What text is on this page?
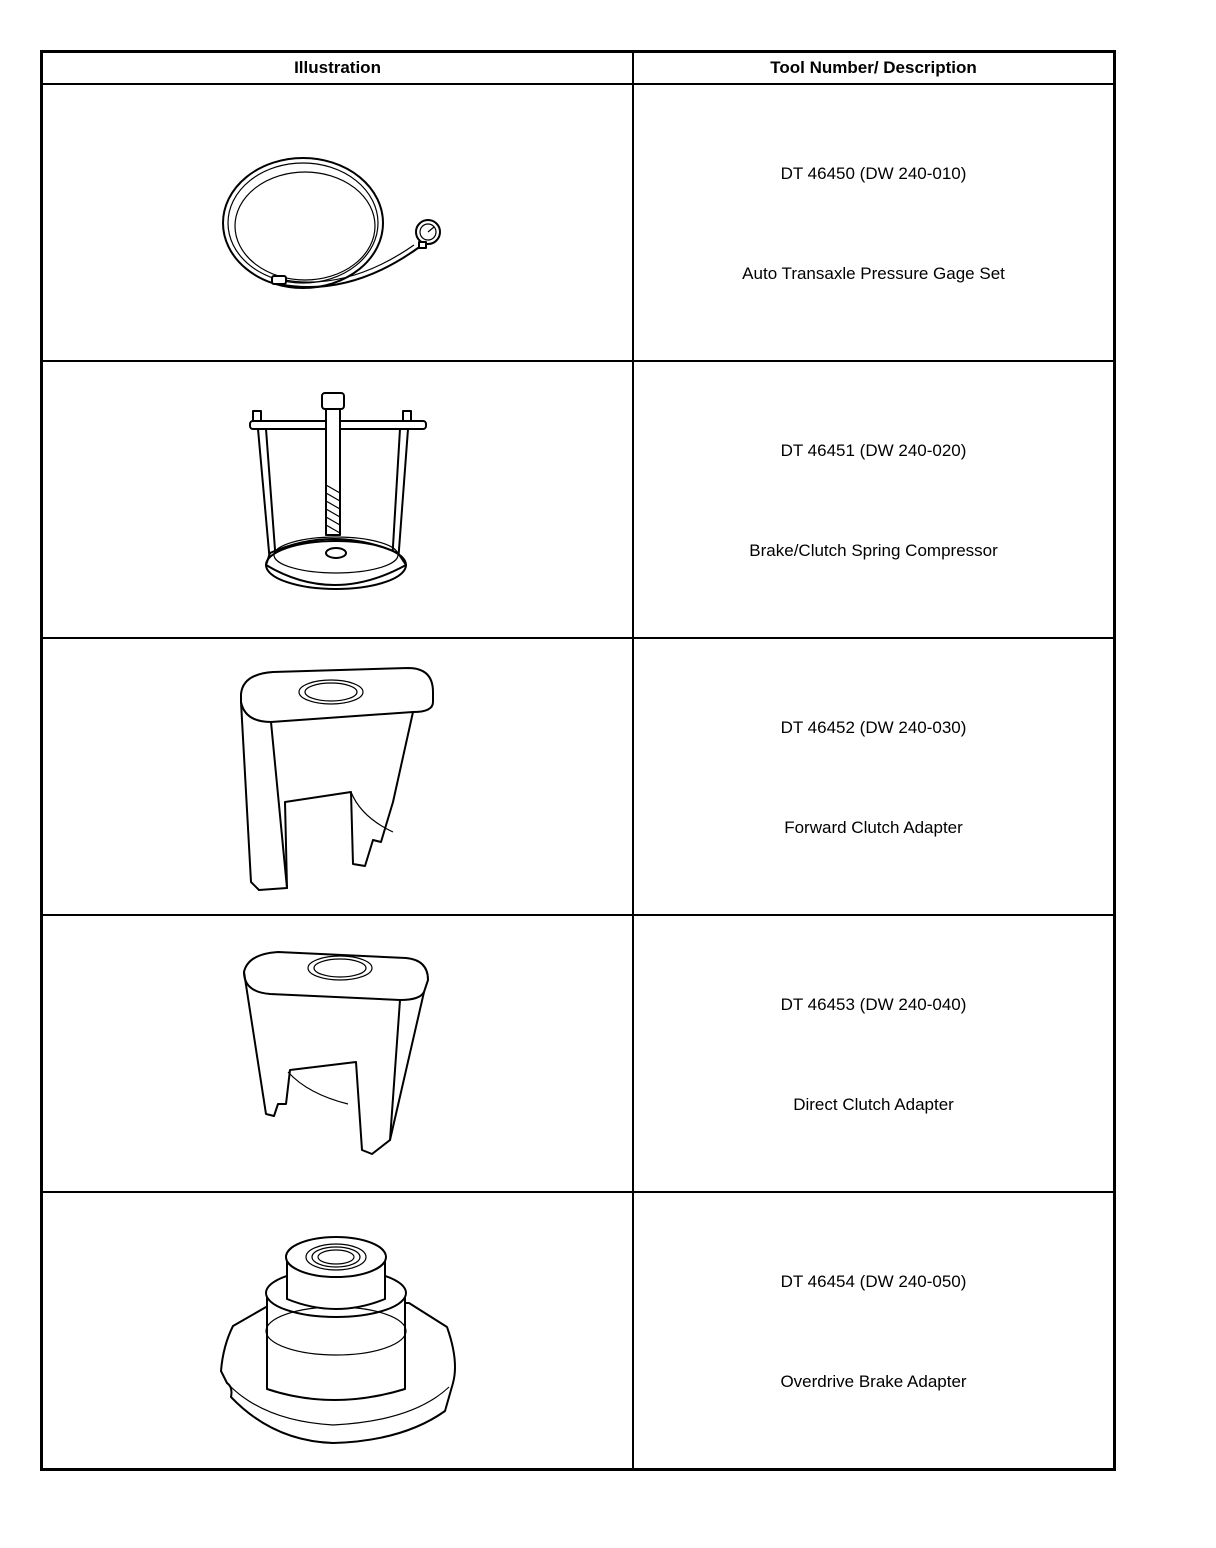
Illustration	Tool Number/ Description

DT 46450 (DW 240-010)
Auto Transaxle Pressure Gage Set

DT 46451 (DW 240-020)
Brake/Clutch Spring Compressor

DT 46452 (DW 240-030)
Forward Clutch Adapter

DT 46453 (DW 240-040)
Direct Clutch Adapter

DT 46454 (DW 240-050)
Overdrive Brake Adapter
